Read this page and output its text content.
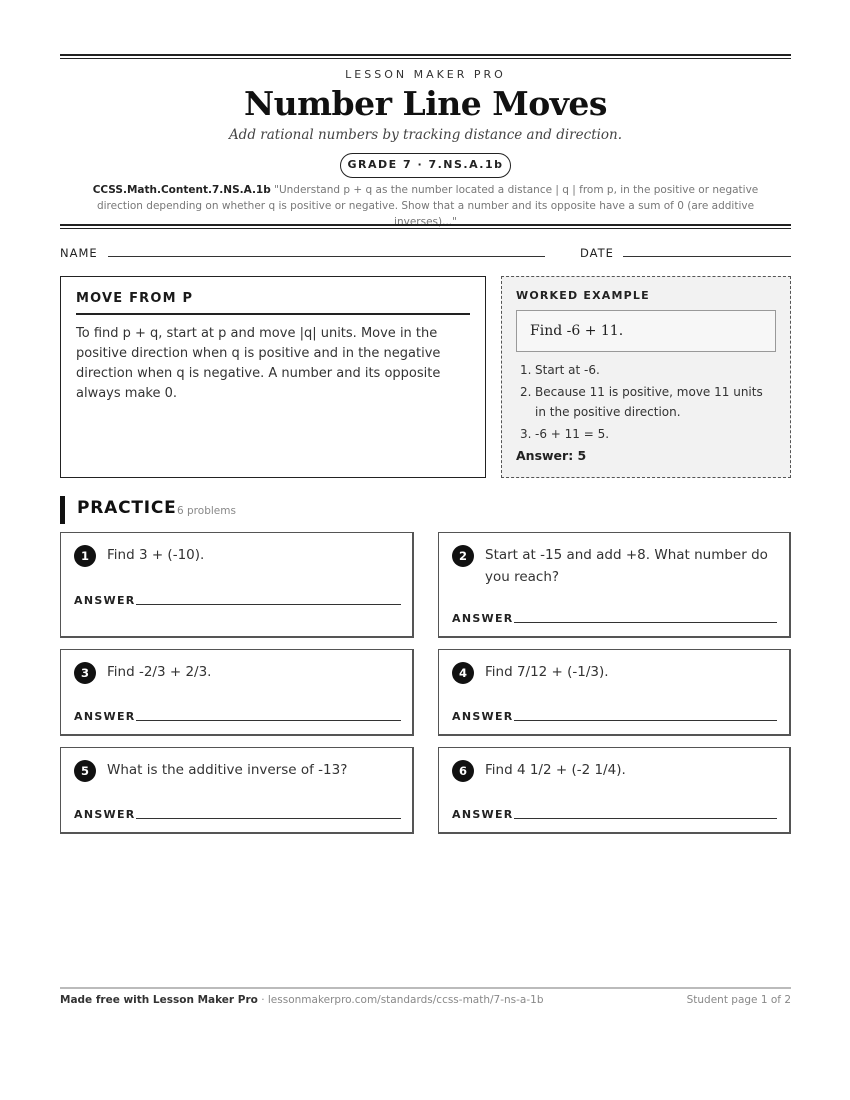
LESSON MAKER PRO
Number Line Moves
Add rational numbers by tracking distance and direction.
GRADE 7 · 7.NS.A.1b
CCSS.Math.Content.7.NS.A.1b "Understand p + q as the number located a distance | q | from p, in the positive or negative direction depending on whether q is positive or negative. Show that a number and its opposite have a sum of 0 (are additive inverses)..."
NAME	DATE
MOVE FROM P

To find p + q, start at p and move |q| units. Move in the positive direction when q is positive and in the negative direction when q is negative. A number and its opposite always make 0.

WORKED EXAMPLE
Find -6 + 11.
1. Start at -6.
2. Because 11 is positive, move 11 units in the positive direction.
3. -6 + 11 = 5.
Answer: 5
PRACTICE 6 problems
1	Find 3 + (-10).
ANSWER
2	Start at -15 and add +8. What number do you reach?
ANSWER
3	Find -2/3 + 2/3.
ANSWER
4	Find 7/12 + (-1/3).
ANSWER
5	What is the additive inverse of -13?
ANSWER
6	Find 4 1/2 + (-2 1/4).
ANSWER
Made free with Lesson Maker Pro · lessonmakerpro.com/standards/ccss-math/7-ns-a-1b	Student page 1 of 2
